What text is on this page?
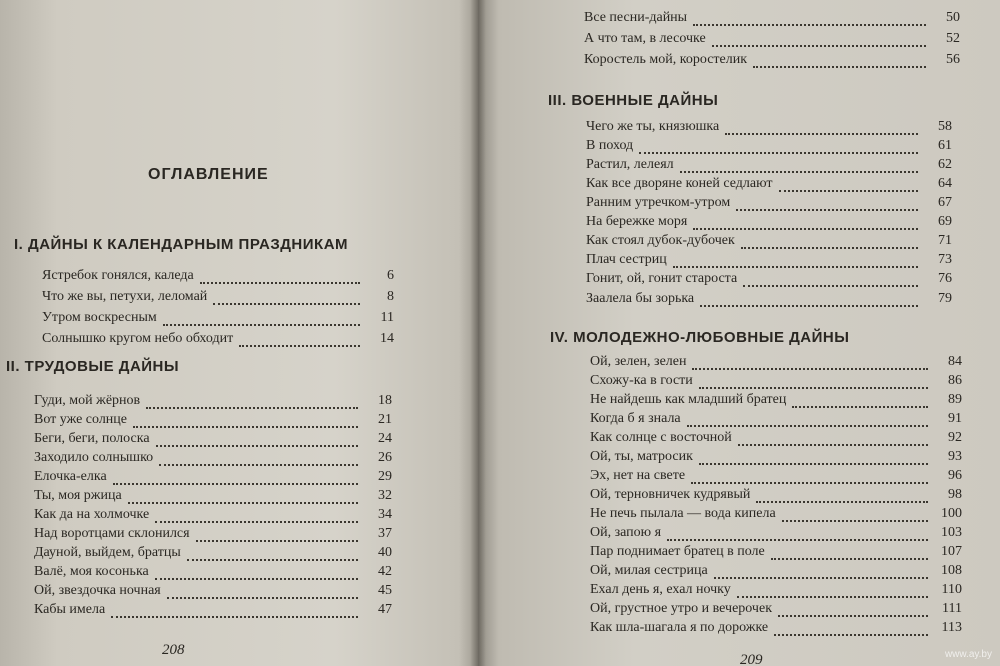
ОГЛАВЛЕНИЕ
I. ДАЙНЫ К КАЛЕНДАРНЫМ ПРАЗДНИКАМ
Ястребок гонялся, каледа	6
Что же вы, петухи, леломай	8
Утром воскресным	11
Солнышко кругом небо обходит	14
II. ТРУДОВЫЕ ДАЙНЫ
Гуди, мой жёрнов	18
Вот уже солнце	21
Беги, беги, полоска	24
Заходило солнышко	26
Елочка-елка	29
Ты, моя ржица	32
Как да на холмочке	34
Над воротцами склонился	37
Дауной, выйдем, братцы	40
Валё, моя косонька	42
Ой, звездочка ночная	45
Кабы имела	47
208
Все песни-дайны	50
А что там, в лесочке	52
Коростель мой, коростелик	56
III. ВОЕННЫЕ ДАЙНЫ
Чего же ты, князюшка	58
В поход	61
Растил, лелеял	62
Как все дворяне коней седлают	64
Ранним утречком-утром	67
На бережке моря	69
Как стоял дубок-дубочек	71
Плач сестриц	73
Гонит, ой, гонит староста	76
Заалела бы зорька	79
IV. МОЛОДЕЖНО-ЛЮБОВНЫЕ ДАЙНЫ
Ой, зелен, зелен	84
Схожу-ка в гости	86
Не найдешь как младший братец	89
Когда б я знала	91
Как солнце с восточной	92
Ой, ты, матросик	93
Эх, нет на свете	96
Ой, терновничек кудрявый	98
Не печь пылала — вода кипела	100
Ой, запою я	103
Пар поднимает братец в поле	107
Ой, милая сестрица	108
Ехал день я, ехал ночку	110
Ой, грустное утро и вечерочек	111
Как шла-шагала я по дорожке	113
209	www.ay.by
